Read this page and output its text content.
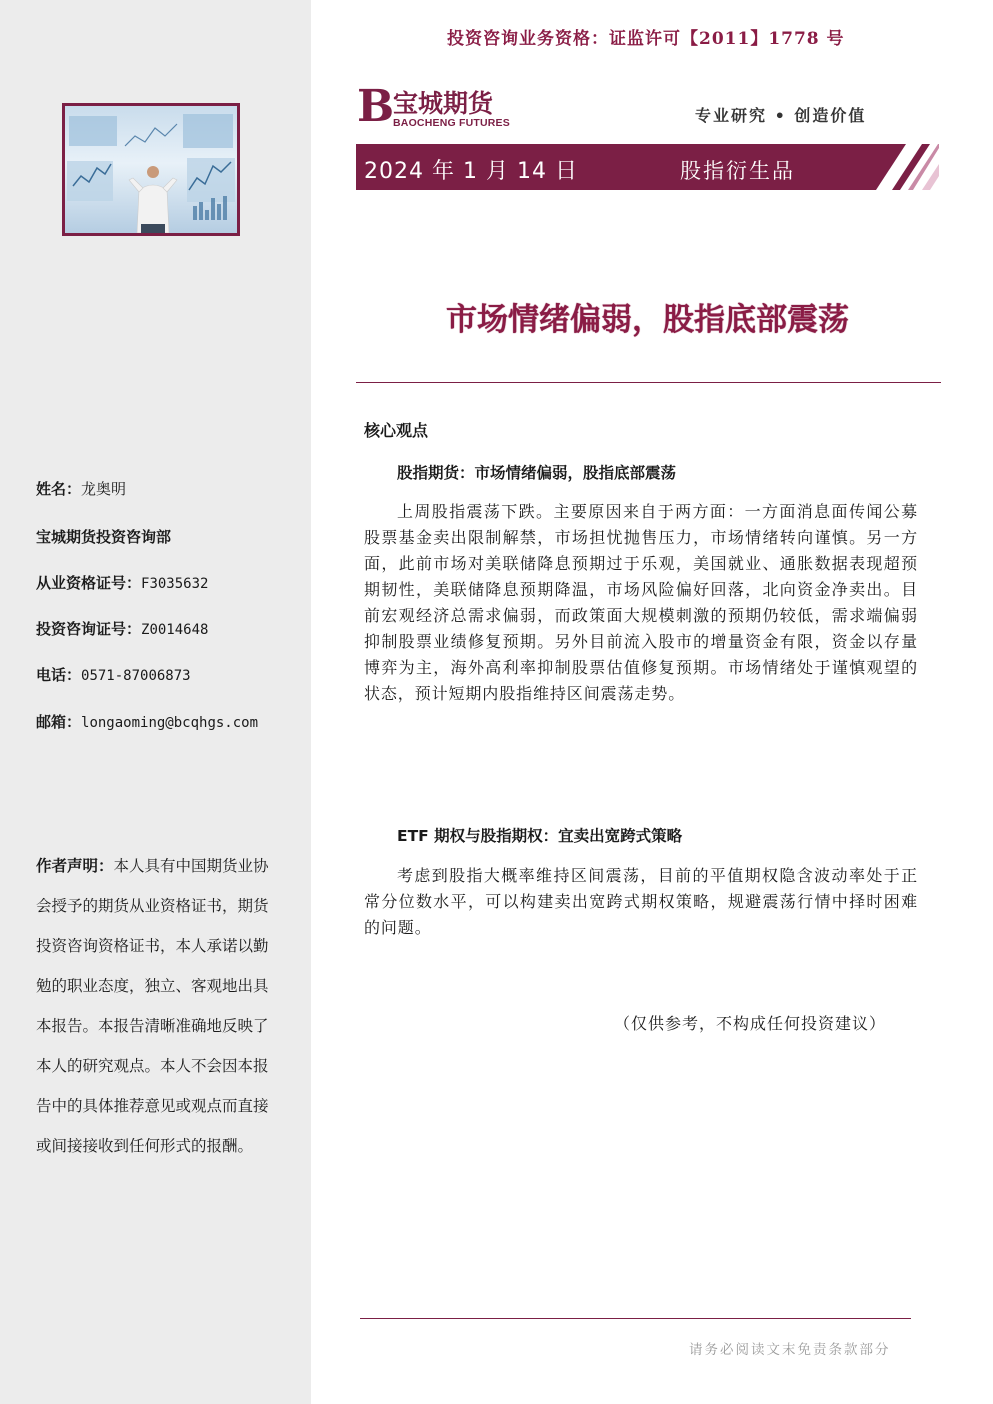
姓名：龙奥明
宝城期货投资咨询部
从业资格证号：F3035632
投资咨询证号：Z0014648
电话：0571-87006873
邮箱：longaoming@bcqhgs.com
作者声明：本人具有中国期货业协会授予的期货从业资格证书，期货投资咨询资格证书，本人承诺以勤勉的职业态度，独立、客观地出具本报告。本报告清晰准确地反映了本人的研究观点。本人不会因本报告中的具体推荐意见或观点而直接或间接接收到任何形式的报酬。
投资咨询业务资格：证监许可【2011】1778 号
B
宝城期货
BAOCHENG FUTURES	专业研究 • 创造价值
2024 年 1 月 14 日	股指衍生品
市场情绪偏弱，股指底部震荡
核心观点
股指期货：市场情绪偏弱，股指底部震荡
上周股指震荡下跌。主要原因来自于两方面：一方面消息面传闻公募股票基金卖出限制解禁，市场担忧抛售压力，市场情绪转向谨慎。另一方面，此前市场对美联储降息预期过于乐观，美国就业、通胀数据表现超预期韧性，美联储降息预期降温，市场风险偏好回落，北向资金净卖出。目前宏观经济总需求偏弱，而政策面大规模刺激的预期仍较低，需求端偏弱抑制股票业绩修复预期。另外目前流入股市的增量资金有限，资金以存量博弈为主，海外高利率抑制股票估值修复预期。市场情绪处于谨慎观望的状态，预计短期内股指维持区间震荡走势。
ETF 期权与股指期权：宜卖出宽跨式策略
考虑到股指大概率维持区间震荡，目前的平值期权隐含波动率处于正常分位数水平，可以构建卖出宽跨式期权策略，规避震荡行情中择时困难的问题。
（仅供参考，不构成任何投资建议）
请务必阅读文末免责条款部分
